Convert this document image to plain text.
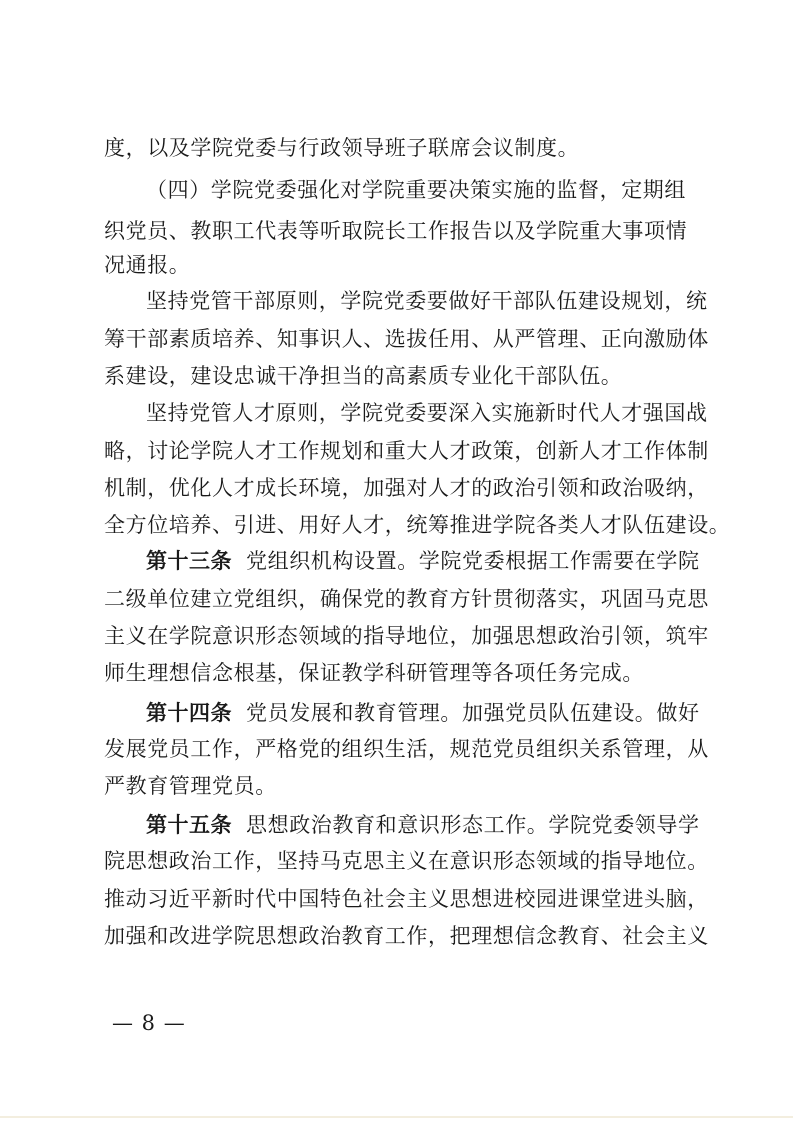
度，以及学院党委与行政领导班子联席会议制度。
（四）学院党委强化对学院重要决策实施的监督，定期组
织党员、教职工代表等听取院长工作报告以及学院重大事项情
况通报。
坚持党管干部原则，学院党委要做好干部队伍建设规划，统
筹干部素质培养、知事识人、选拔任用、从严管理、正向激励体
系建设，建设忠诚干净担当的高素质专业化干部队伍。
坚持党管人才原则，学院党委要深入实施新时代人才强国战
略，讨论学院人才工作规划和重大人才政策，创新人才工作体制
机制，优化人才成长环境，加强对人才的政治引领和政治吸纳，
全方位培养、引进、用好人才，统筹推进学院各类人才队伍建设。
第十三条 党组织机构设置。学院党委根据工作需要在学院
二级单位建立党组织，确保党的教育方针贯彻落实，巩固马克思
主义在学院意识形态领域的指导地位，加强思想政治引领，筑牢
师生理想信念根基，保证教学科研管理等各项任务完成。
第十四条 党员发展和教育管理。加强党员队伍建设。做好
发展党员工作，严格党的组织生活，规范党员组织关系管理，从
严教育管理党员。
第十五条 思想政治教育和意识形态工作。学院党委领导学
院思想政治工作，坚持马克思主义在意识形态领域的指导地位。
推动习近平新时代中国特色社会主义思想进校园进课堂进头脑，
加强和改进学院思想政治教育工作，把理想信念教育、社会主义
— 8 —
